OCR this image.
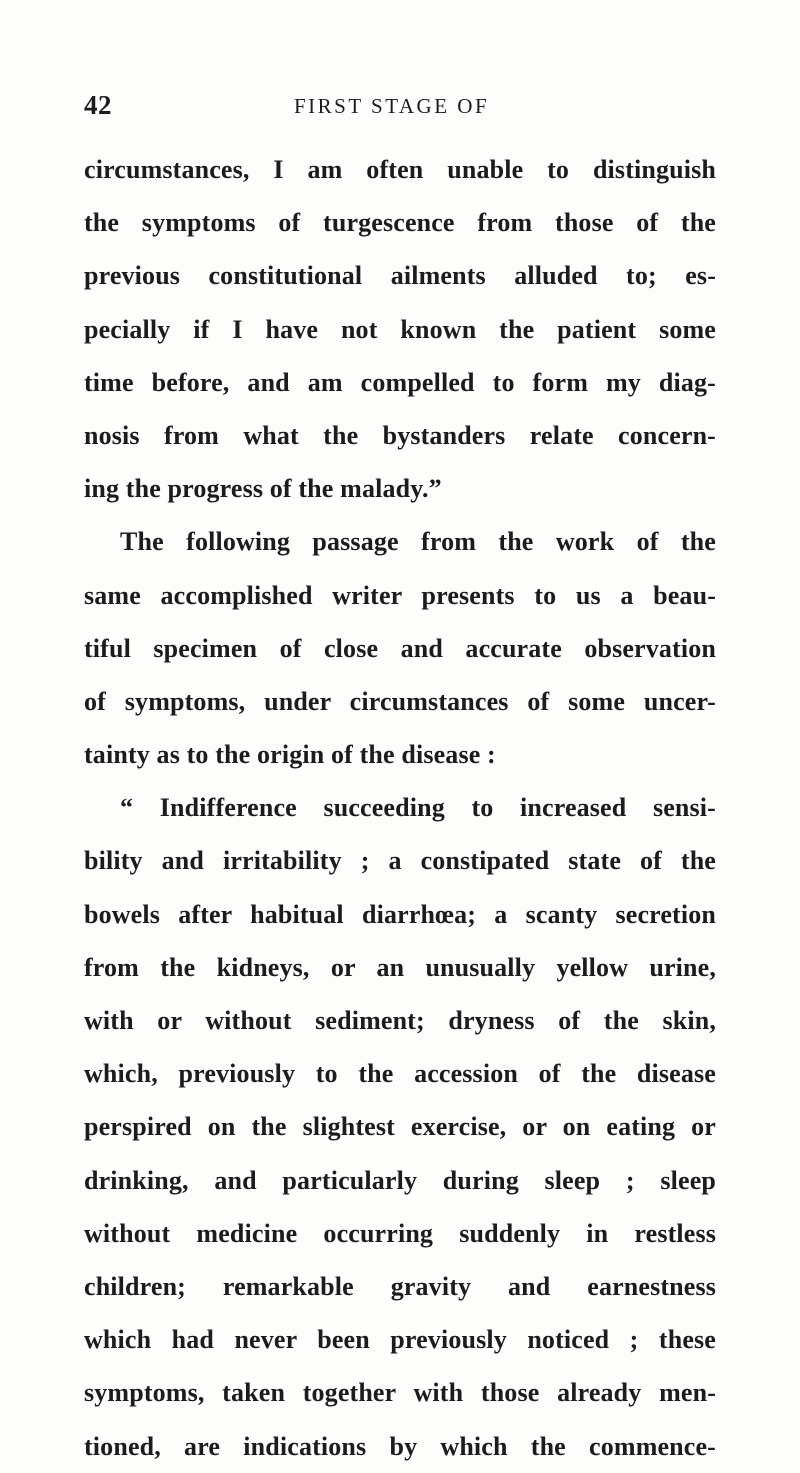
42	FIRST STAGE OF
circumstances, I am often unable to distinguish
the symptoms of turgescence from those of the
previous constitutional ailments alluded to; es-
pecially if I have not known the patient some
time before, and am compelled to form my diag-
nosis from what the bystanders relate concern-
ing the progress of the malady.”
The following passage from the work of the
same accomplished writer presents to us a beau-
tiful specimen of close and accurate observation
of symptoms, under circumstances of some uncer-
tainty as to the origin of the disease :
“ Indifference succeeding to increased sensi-
bility and irritability ; a constipated state of the
bowels after habitual diarrhœa; a scanty secretion
from the kidneys, or an unusually yellow urine,
with or without sediment; dryness of the skin,
which, previously to the accession of the disease
perspired on the slightest exercise, or on eating or
drinking, and particularly during sleep ; sleep
without medicine occurring suddenly in restless
children; remarkable gravity and earnestness
which had never been previously noticed ; these
symptoms, taken together with those already men-
tioned, are indications by which the commence-
